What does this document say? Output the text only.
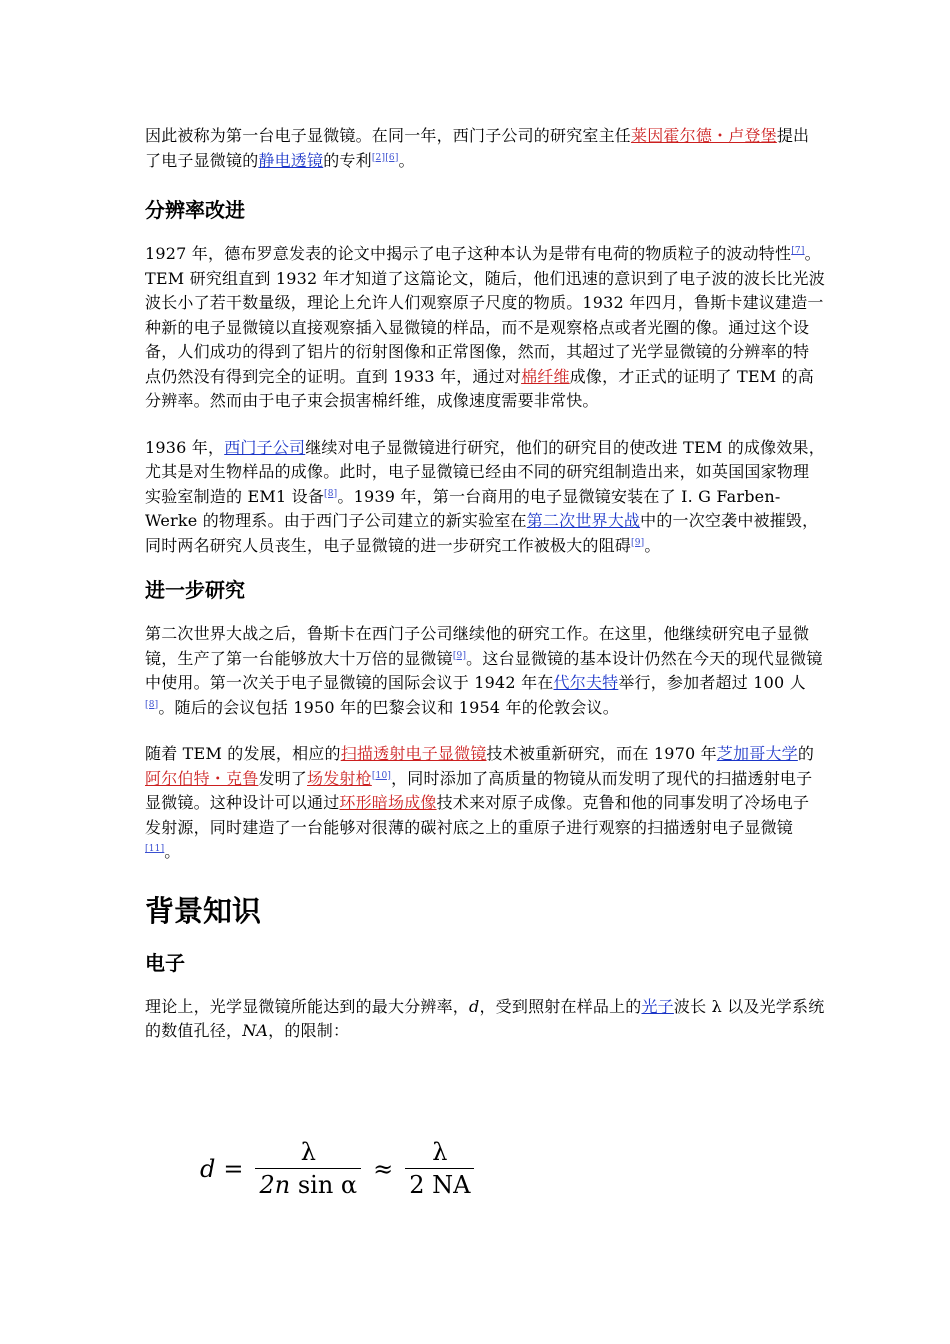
因此被称为第一台电子显微镜。在同一年，西门子公司的研究室主任莱因霍尔德・卢登堡提出了电子显微镜的静电透镜的专利[2][6]。

分辨率改进

1927 年，德布罗意发表的论文中揭示了电子这种本认为是带有电荷的物质粒子的波动特性[7]。TEM 研究组直到 1932 年才知道了这篇论文，随后，他们迅速的意识到了电子波的波长比光波波长小了若干数量级，理论上允许人们观察原子尺度的物质。1932 年四月，鲁斯卡建议建造一种新的电子显微镜以直接观察插入显微镜的样品，而不是观察格点或者光圈的像。通过这个设备，人们成功的得到了铝片的衍射图像和正常图像，然而，其超过了光学显微镜的分辨率的特点仍然没有得到完全的证明。直到 1933 年，通过对棉纤维成像，才正式的证明了 TEM 的高分辨率。然而由于电子束会损害棉纤维，成像速度需要非常快。

1936 年，西门子公司继续对电子显微镜进行研究，他们的研究目的使改进 TEM 的成像效果，尤其是对生物样品的成像。此时，电子显微镜已经由不同的研究组制造出来，如英国国家物理实验室制造的 EM1 设备[8]。1939 年，第一台商用的电子显微镜安装在了 I. G Farben-Werke 的物理系。由于西门子公司建立的新实验室在第二次世界大战中的一次空袭中被摧毁，同时两名研究人员丧生，电子显微镜的进一步研究工作被极大的阻碍[9]。

进一步研究

第二次世界大战之后，鲁斯卡在西门子公司继续他的研究工作。在这里，他继续研究电子显微镜，生产了第一台能够放大十万倍的显微镜[9]。这台显微镜的基本设计仍然在今天的现代显微镜中使用。第一次关于电子显微镜的国际会议于 1942 年在代尔夫特举行，参加者超过 100 人[8]。随后的会议包括 1950 年的巴黎会议和 1954 年的伦敦会议。

随着 TEM 的发展，相应的扫描透射电子显微镜技术被重新研究，而在 1970 年芝加哥大学的阿尔伯特・克鲁发明了场发射枪[10]，同时添加了高质量的物镜从而发明了现代的扫描透射电子显微镜。这种设计可以通过环形暗场成像技术来对原子成像。克鲁和他的同事发明了冷场电子发射源，同时建造了一台能够对很薄的碳衬底之上的重原子进行观察的扫描透射电子显微镜[11]。

背景知识
电子

理论上，光学显微镜所能达到的最大分辨率，d，受到照射在样品上的光子波长 λ 以及光学系统的数值孔径，NA，的限制：

$d = \frac{\lambda}{\text{2n sin α}} \approx \frac{\lambda}{2 NA}$
